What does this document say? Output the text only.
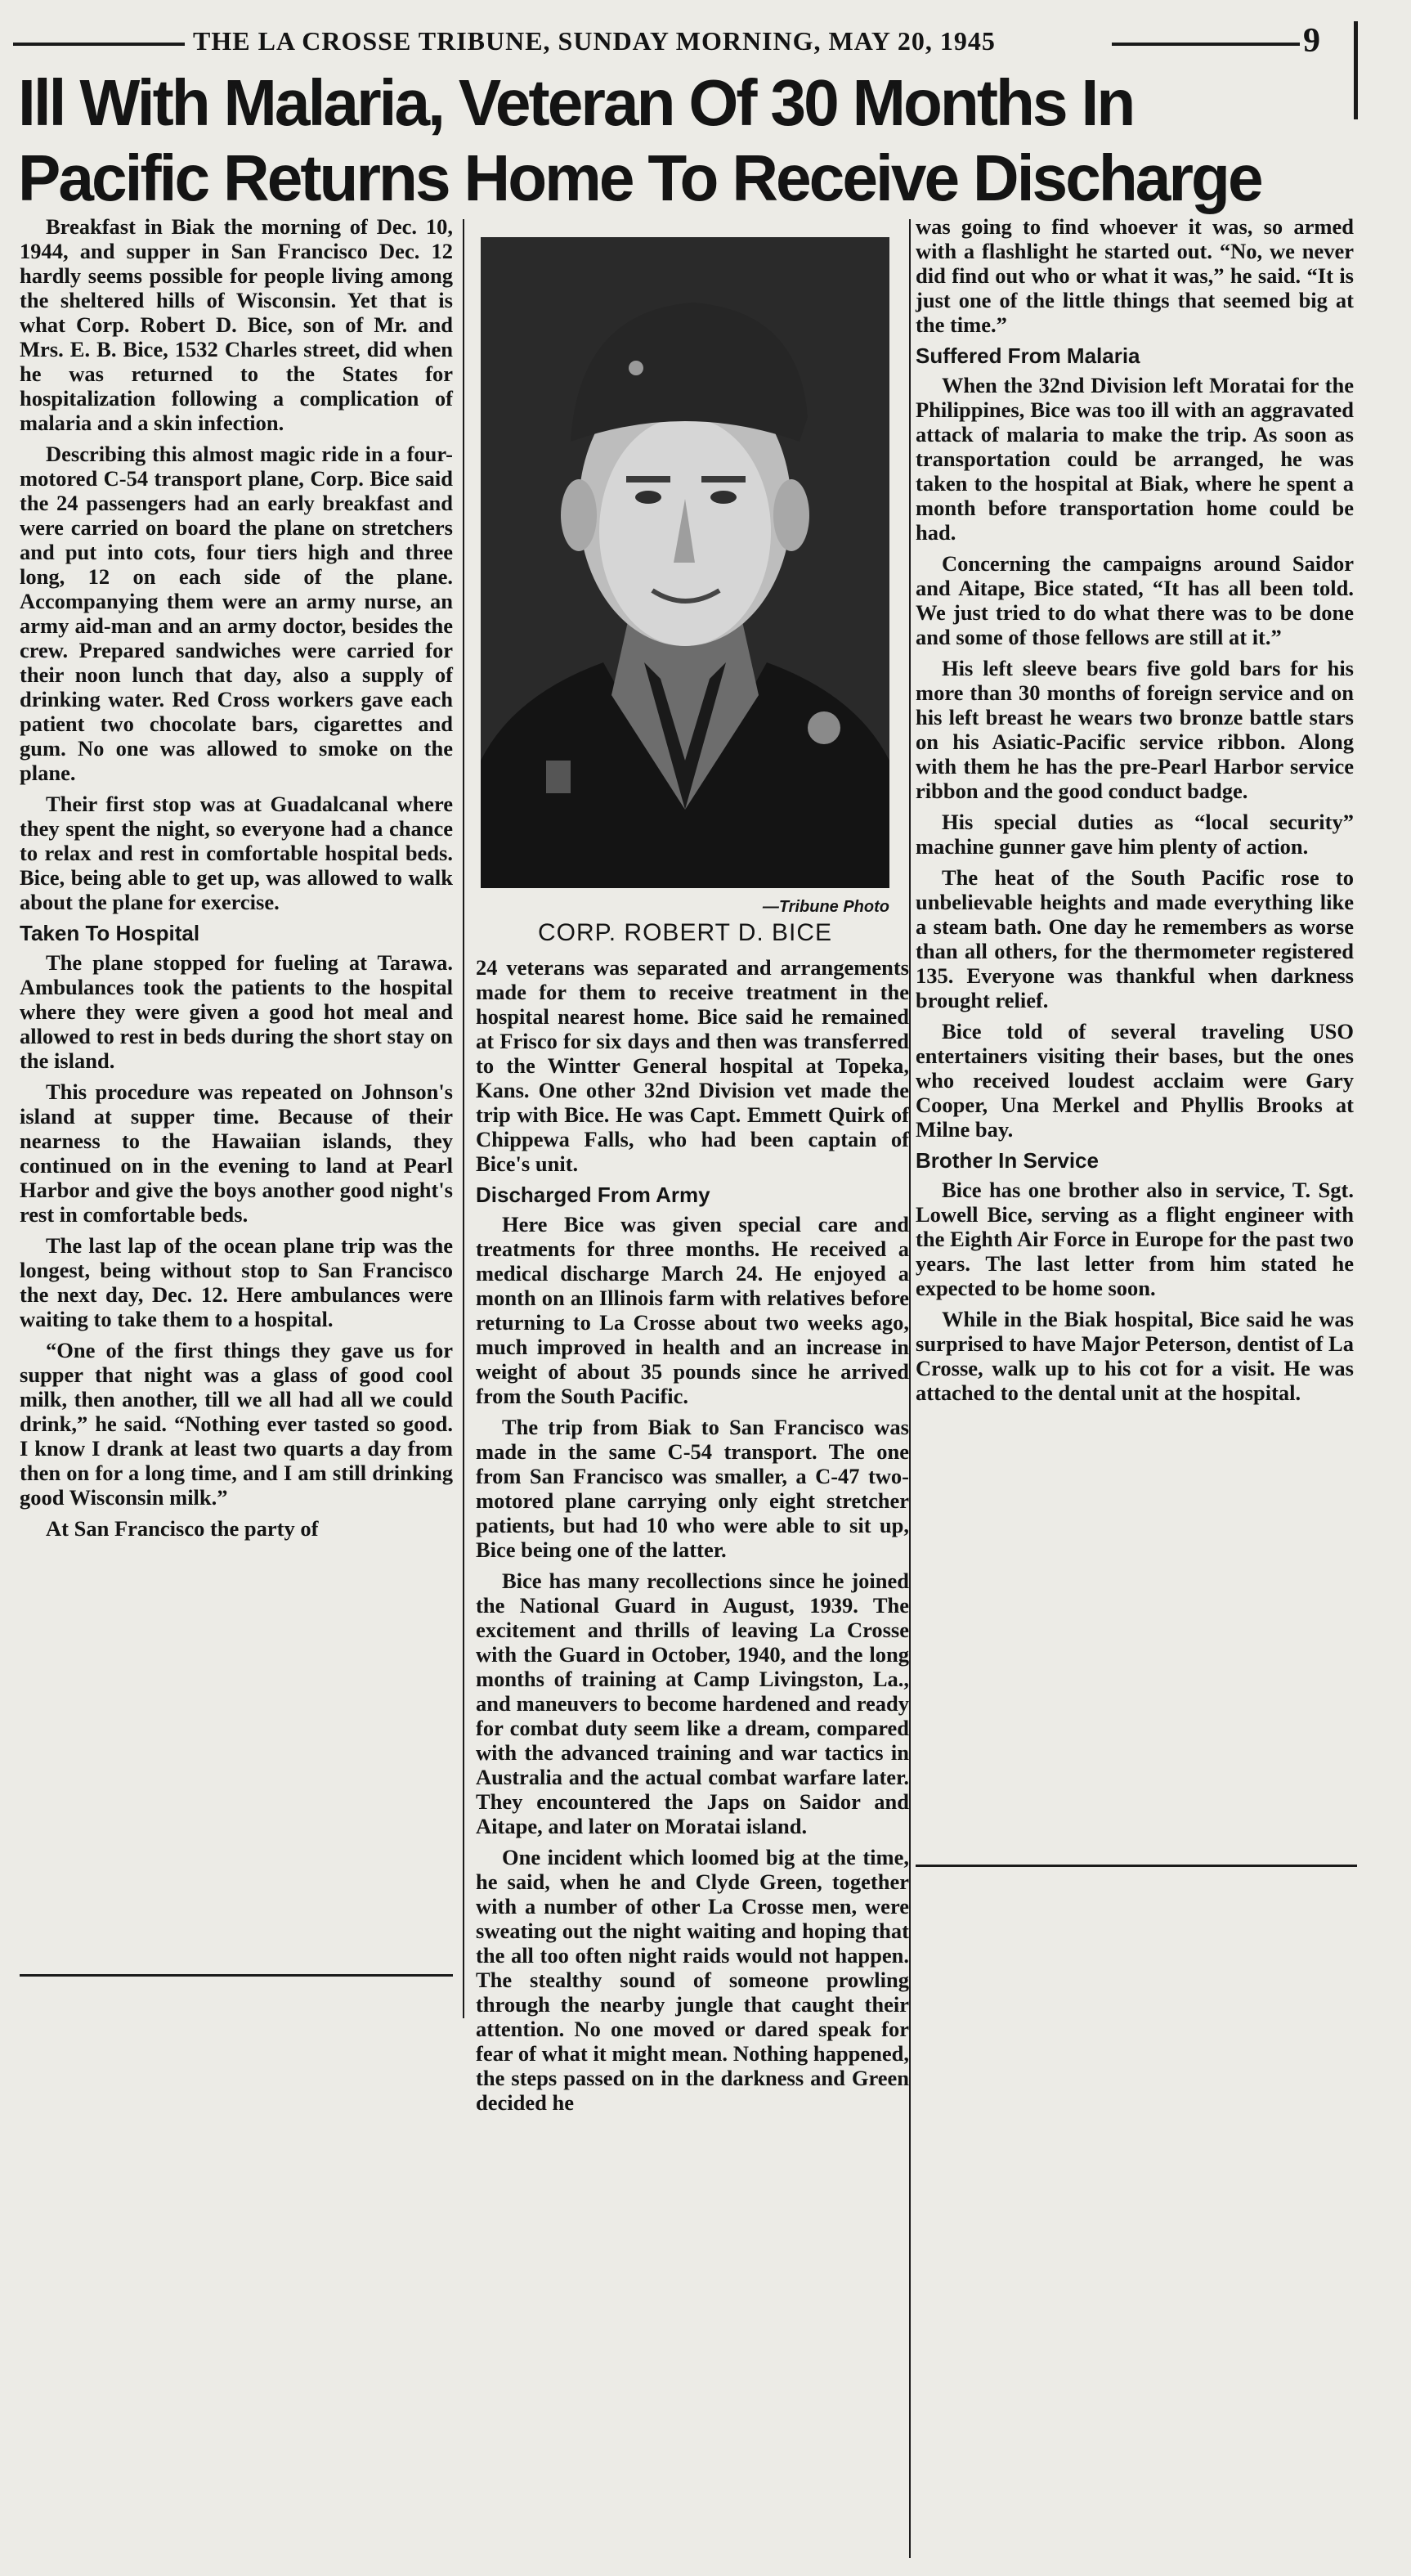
THE LA CROSSE TRIBUNE, SUNDAY MORNING, MAY 20, 1945	9
Ill With Malaria, Veteran Of 30 Months In
Pacific Returns Home To Receive Discharge

Breakfast in Biak the morning of Dec. 10, 1944, and supper in San Francisco Dec. 12 hardly seems possible for people living among the sheltered hills of Wisconsin. Yet that is what Corp. Robert D. Bice, son of Mr. and Mrs. E. B. Bice, 1532 Charles street, did when he was returned to the States for hospitalization following a complication of malaria and a skin infection.

Describing this almost magic ride in a four-motored C-54 transport plane, Corp. Bice said the 24 passengers had an early breakfast and were carried on board the plane on stretchers and put into cots, four tiers high and three long, 12 on each side of the plane. Accompanying them were an army nurse, an army aid-man and an army doctor, besides the crew. Prepared sandwiches were carried for their noon lunch that day, also a supply of drinking water. Red Cross workers gave each patient two chocolate bars, cigarettes and gum. No one was allowed to smoke on the plane.

Their first stop was at Guadalcanal where they spent the night, so everyone had a chance to relax and rest in comfortable hospital beds. Bice, being able to get up, was allowed to walk about the plane for exercise.

Taken To Hospital

The plane stopped for fueling at Tarawa. Ambulances took the patients to the hospital where they were given a good hot meal and allowed to rest in beds during the short stay on the island.

This procedure was repeated on Johnson's island at supper time. Because of their nearness to the Hawaiian islands, they continued on in the evening to land at Pearl Harbor and give the boys another good night's rest in comfortable beds.

The last lap of the ocean plane trip was the longest, being without stop to San Francisco the next day, Dec. 12. Here ambulances were waiting to take them to a hospital.

“One of the first things they gave us for supper that night was a glass of good cool milk, then another, till we all had all we could drink,” he said. “Nothing ever tasted so good. I know I drank at least two quarts a day from then on for a long time, and I am still drinking good Wisconsin milk.”

At San Francisco the party of

—Tribune Photo
CORP. ROBERT D. BICE

24 veterans was separated and arrangements made for them to receive treatment in the hospital nearest home. Bice said he remained at Frisco for six days and then was transferred to the Wintter General hospital at Topeka, Kans. One other 32nd Division vet made the trip with Bice. He was Capt. Emmett Quirk of Chippewa Falls, who had been captain of Bice's unit.

Discharged From Army

Here Bice was given special care and treatments for three months. He received a medical discharge March 24. He enjoyed a month on an Illinois farm with relatives before returning to La Crosse about two weeks ago, much improved in health and an increase in weight of about 35 pounds since he arrived from the South Pacific.

The trip from Biak to San Francisco was made in the same C-54 transport. The one from San Francisco was smaller, a C-47 two-motored plane carrying only eight stretcher patients, but had 10 who were able to sit up, Bice being one of the latter.

Bice has many recollections since he joined the National Guard in August, 1939. The excitement and thrills of leaving La Crosse with the Guard in October, 1940, and the long months of training at Camp Livingston, La., and maneuvers to become hardened and ready for combat duty seem like a dream, compared with the advanced training and war tactics in Australia and the actual combat warfare later. They encountered the Japs on Saidor and Aitape, and later on Moratai island.

One incident which loomed big at the time, he said, when he and Clyde Green, together with a number of other La Crosse men, were sweating out the night waiting and hoping that the all too often night raids would not happen. The stealthy sound of someone prowling through the nearby jungle that caught their attention. No one moved or dared speak for fear of what it might mean. Nothing happened, the steps passed on in the darkness and Green decided he

was going to find whoever it was, so armed with a flashlight he started out. “No, we never did find out who or what it was,” he said. “It is just one of the little things that seemed big at the time.”

Suffered From Malaria

When the 32nd Division left Moratai for the Philippines, Bice was too ill with an aggravated attack of malaria to make the trip. As soon as transportation could be arranged, he was taken to the hospital at Biak, where he spent a month before transportation home could be had.

Concerning the campaigns around Saidor and Aitape, Bice stated, “It has all been told. We just tried to do what there was to be done and some of those fellows are still at it.”

His left sleeve bears five gold bars for his more than 30 months of foreign service and on his left breast he wears two bronze battle stars on his Asiatic-Pacific service ribbon. Along with them he has the pre-Pearl Harbor service ribbon and the good conduct badge.

His special duties as “local security” machine gunner gave him plenty of action.

The heat of the South Pacific rose to unbelievable heights and made everything like a steam bath. One day he remembers as worse than all others, for the thermometer registered 135. Everyone was thankful when darkness brought relief.

Bice told of several traveling USO entertainers visiting their bases, but the ones who received loudest acclaim were Gary Cooper, Una Merkel and Phyllis Brooks at Milne bay.

Brother In Service

Bice has one brother also in service, T. Sgt. Lowell Bice, serving as a flight engineer with the Eighth Air Force in Europe for the past two years. The last letter from him stated he expected to be home soon.

While in the Biak hospital, Bice said he was surprised to have Major Peterson, dentist of La Crosse, walk up to his cot for a visit. He was attached to the dental unit at the hospital.
